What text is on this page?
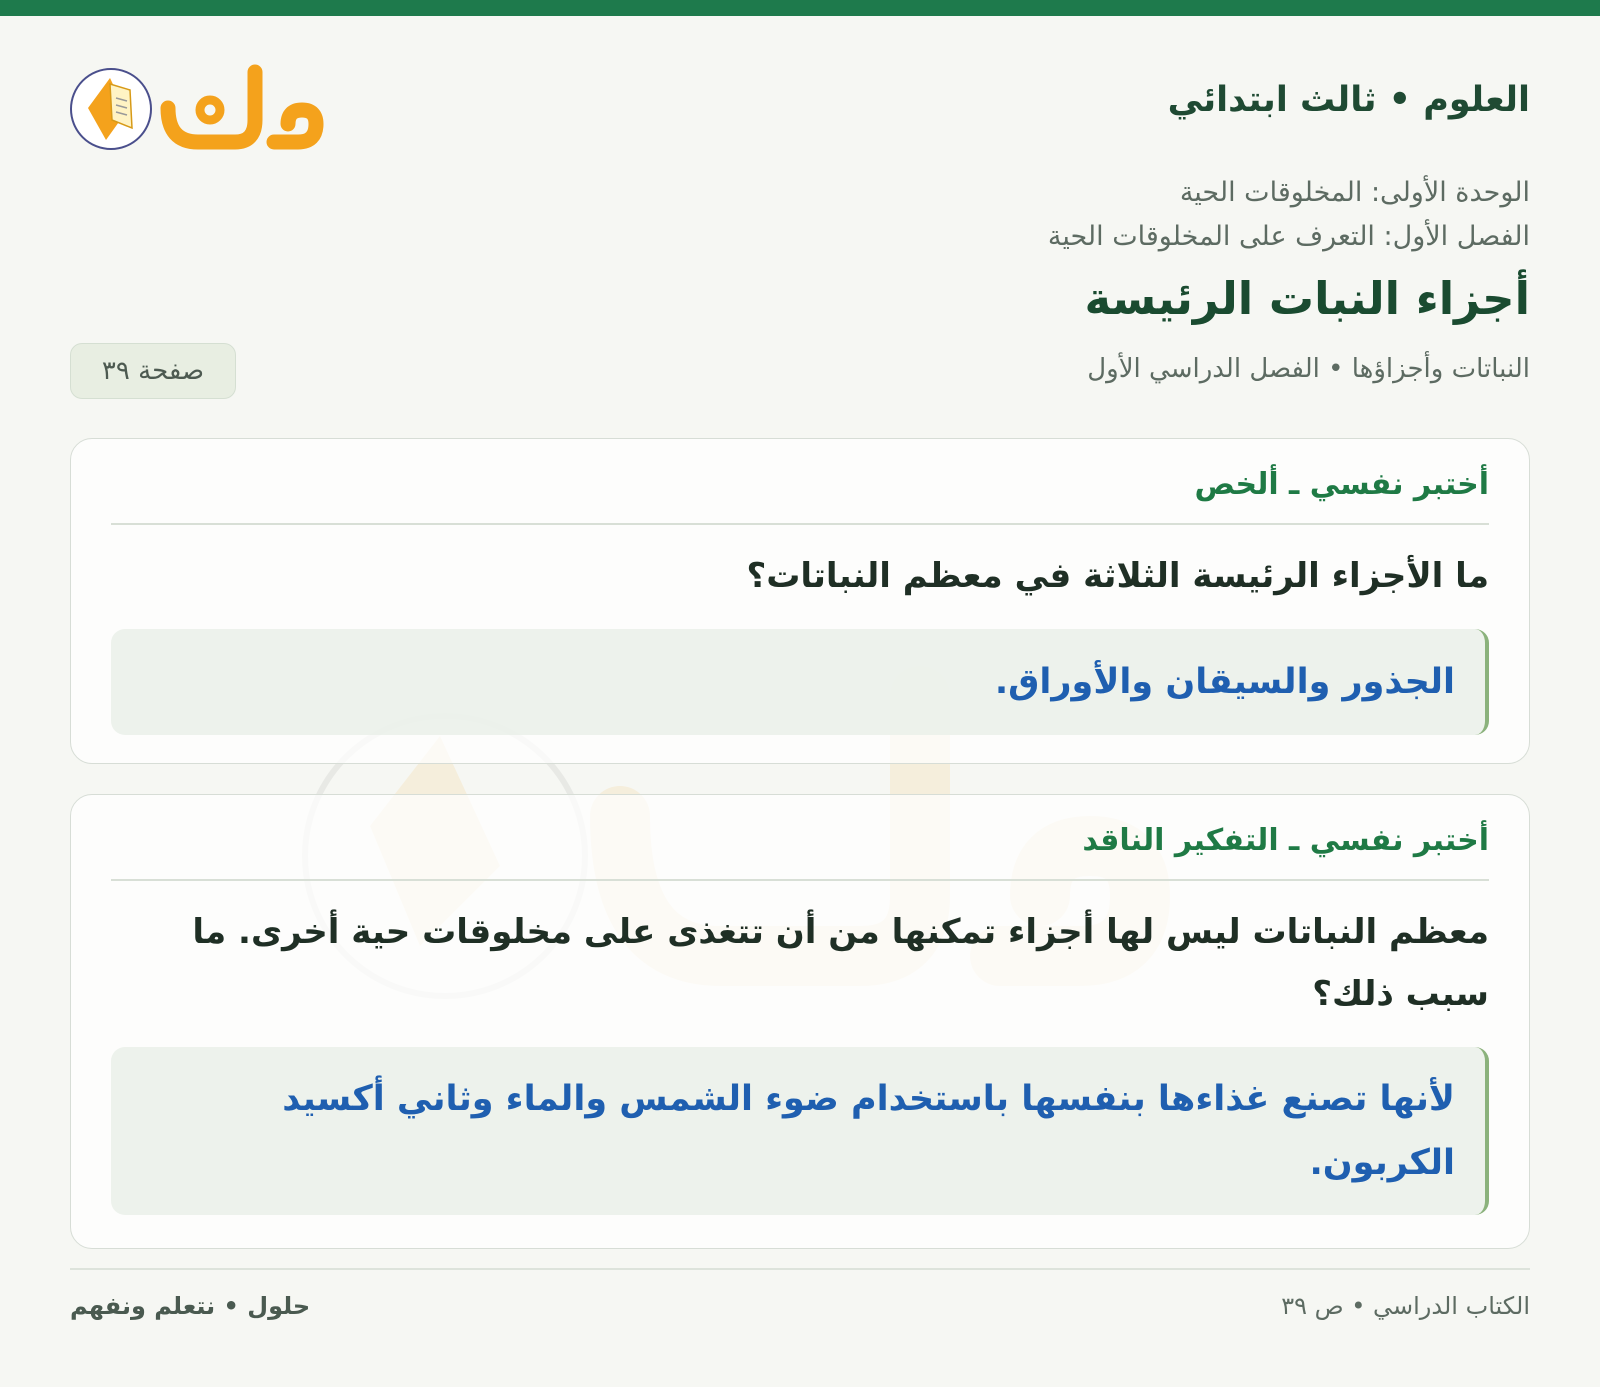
العلوم • ثالث ابتدائي
الوحدة الأولى: المخلوقات الحية
الفصل الأول: التعرف على المخلوقات الحية
أجزاء النبات الرئيسة
النباتات وأجزاؤها • الفصل الدراسي الأول
صفحة ٣٩
أختبر نفسي ـ ألخص
ما الأجزاء الرئيسة الثلاثة في معظم النباتات؟
الجذور والسيقان والأوراق.
أختبر نفسي ـ التفكير الناقد
معظم النباتات ليس لها أجزاء تمكنها من أن تتغذى على مخلوقات حية أخرى. ما سبب ذلك؟
لأنها تصنع غذاءها بنفسها باستخدام ضوء الشمس والماء وثاني أكسيد الكربون.
حلول • نتعلم ونفهم	الكتاب الدراسي • ص ٣٩
